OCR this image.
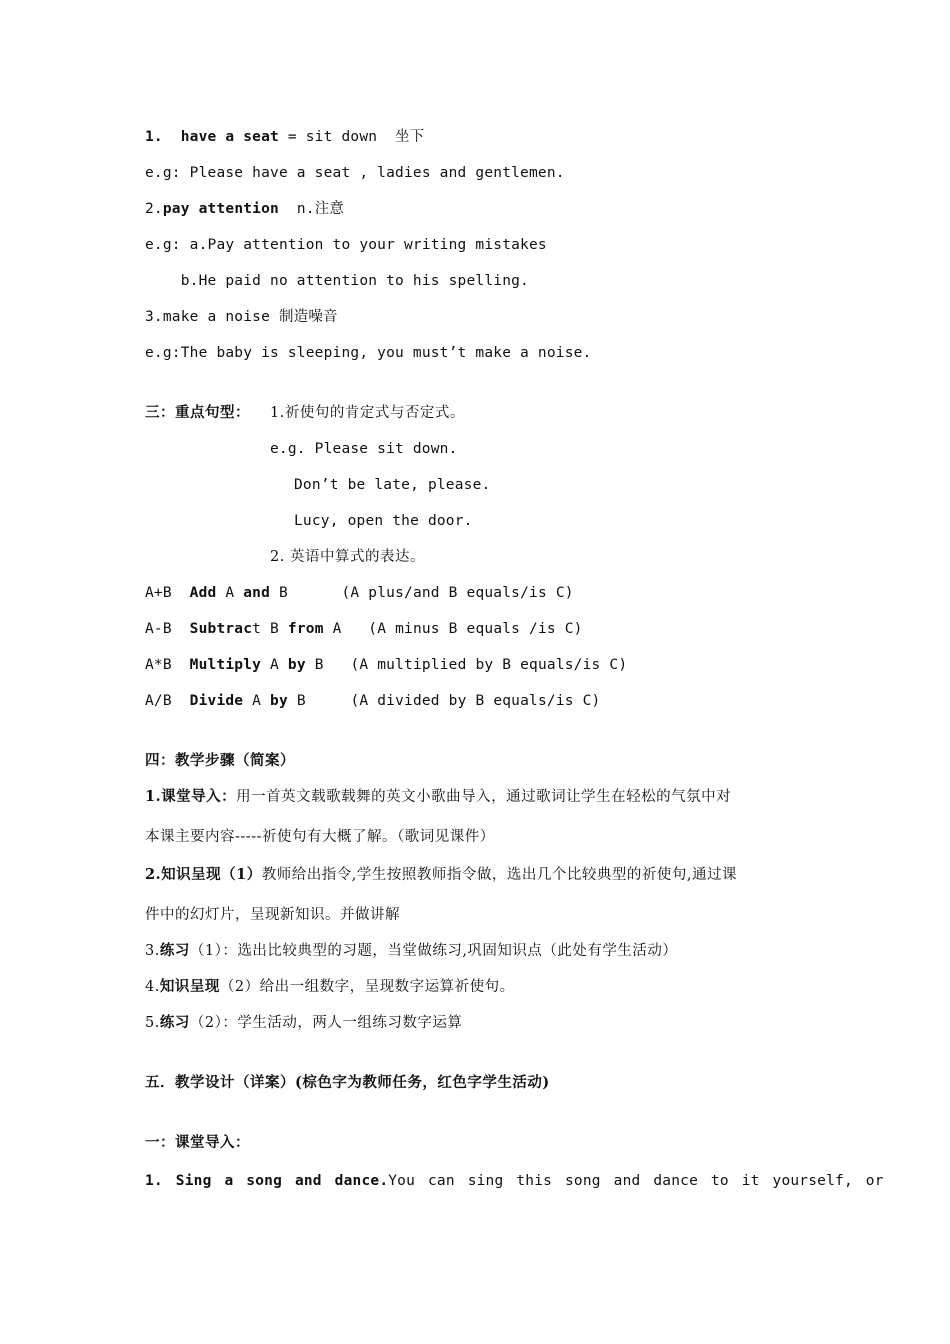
1.  have a seat = sit down  坐下
e.g: Please have a seat , ladies and gentlemen.
2.pay attention  n.注意
e.g: a.Pay attention to your writing mistakes
b.He paid no attention to his spelling.
3.make a noise 制造噪音
e.g:The baby is sleeping, you must’t make a noise.
三：重点句型： 1.祈使句的肯定式与否定式。
e.g. Please sit down.
Don’t be late, please.
Lucy, open the door.
2. 英语中算式的表达。
A+B  Add A and B      (A plus/and B equals/is C)
A-B  Subtract B from A   (A minus B equals /is C)
A*B  Multiply A by B   (A multiplied by B equals/is C)
A/B  Divide A by B     (A divided by B equals/is C)
四：教学步骤（简案）
1.课堂导入：用一首英文载歌载舞的英文小歌曲导入，通过歌词让学生在轻松的气氛中对
本课主要内容-----祈使句有大概了解。（歌词见课件）
2.知识呈现（1）教师给出指令,学生按照教师指令做，选出几个比较典型的祈使句,通过课
件中的幻灯片，呈现新知识。并做讲解
3.练习（1）：选出比较典型的习题，当堂做练习,巩固知识点（此处有学生活动）
4.知识呈现（2）给出一组数字，呈现数字运算祈使句。
5.练习（2）：学生活动，两人一组练习数字运算
五．教学设计（详案）(棕色字为教师任务，红色字学生活动)
一：课堂导入：
1. Sing a song and dance.You can sing this song and dance to it yourself, or
